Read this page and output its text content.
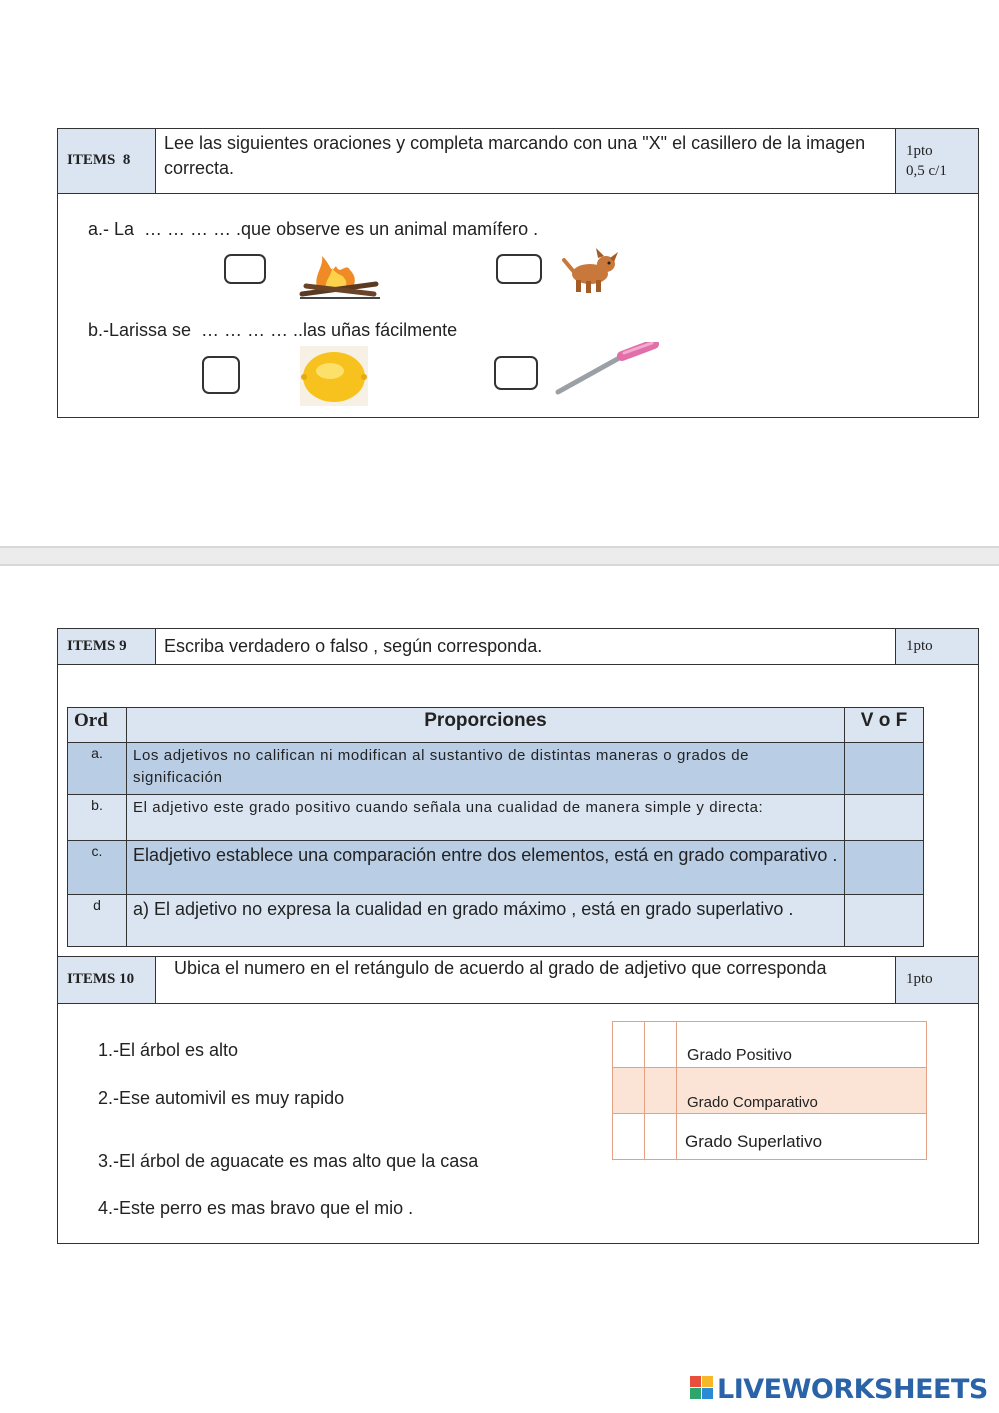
ITEMS  8
Lee las siguientes oraciones y completa marcando con una "X" el casillero de la imagen correcta.
1pto
0,5 c/1
a.- La  … … … … .que observe es un animal mamífero .
b.-Larissa se  … … … … ..las uñas fácilmente
ITEMS 9 Escriba verdadero o falso , según corresponda.	1pto
Ord	Proporciones	V o F
a.	Los adjetivos no califican ni modifican al sustantivo de distintas maneras o grados de significación	
b.	El adjetivo este grado positivo cuando señala una cualidad de manera simple y directa:	
c.	Eladjetivo establece una comparación entre dos elementos, está en grado comparativo .	
d	a) El adjetivo no expresa la cualidad en grado máximo , está en grado superlativo .	
ITEMS 10
Ubica el numero en el retángulo de acuerdo al grado de adjetivo que corresponda
1pto
1.-El árbol es alto
2.-Ese automivil es muy rapido
3.-El árbol de aguacate es mas alto que la casa
4.-Este perro es mas bravo que el mio .
		Grado Positivo
		Grado Comparativo
		Grado Superlativo
LIVEWORKSHEETS
